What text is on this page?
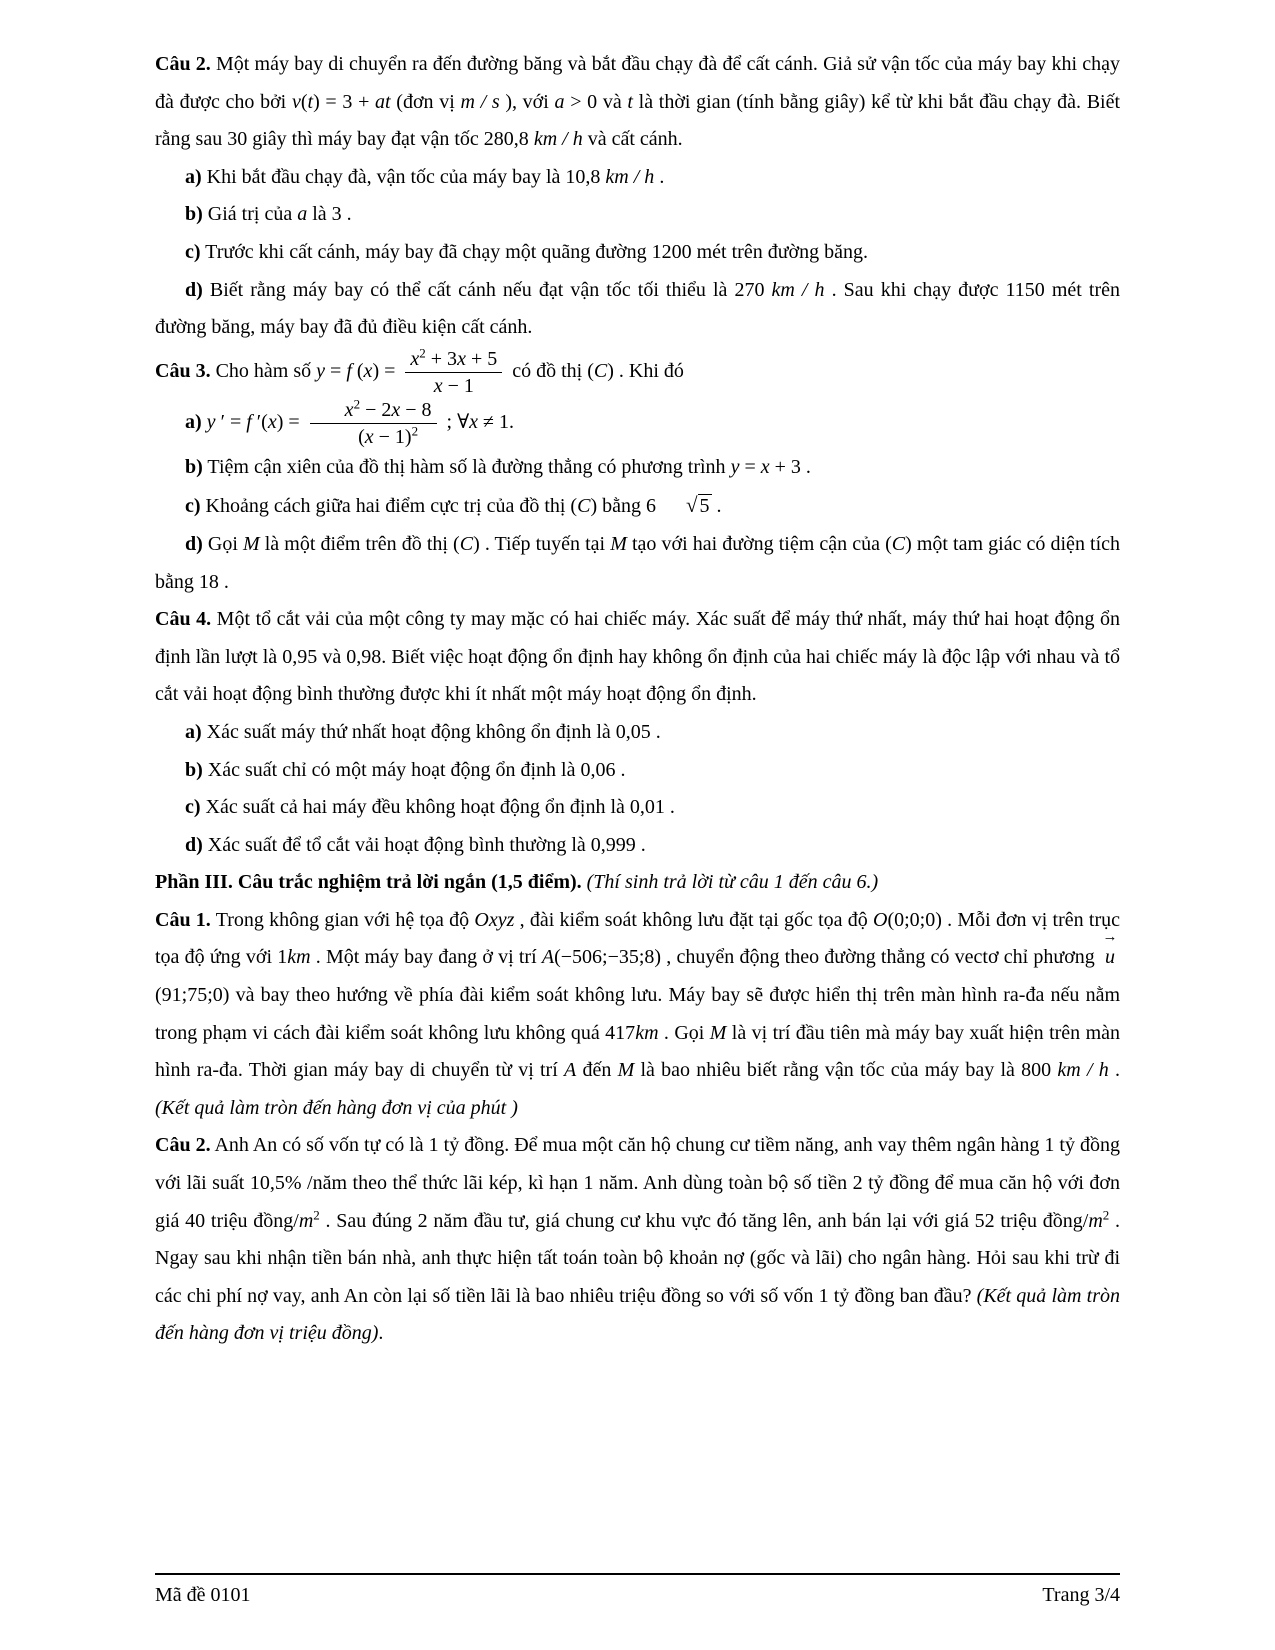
Câu 2. Một máy bay di chuyển ra đến đường băng và bắt đầu chạy đà để cất cánh. Giả sử vận tốc của máy bay khi chạy đà được cho bởi v(t) = 3 + at (đơn vị m / s ), với a > 0 và t là thời gian (tính bằng giây) kể từ khi bắt đầu chạy đà. Biết rằng sau 30 giây thì máy bay đạt vận tốc 280,8 km / h và cất cánh.

a) Khi bắt đầu chạy đà, vận tốc của máy bay là 10,8 km / h .

b) Giá trị của a là 3 .

c) Trước khi cất cánh, máy bay đã chạy một quãng đường 1200 mét trên đường băng.

d) Biết rằng máy bay có thể cất cánh nếu đạt vận tốc tối thiểu là 270 km / h . Sau khi chạy được 1150 mét trên đường băng, máy bay đã đủ điều kiện cất cánh.

Câu 3. Cho hàm số y = f $(x) = \frac{x^2 + 3x + 5}{x - 1}$ có đồ thị (C) . Khi đó

a) y ′ = f $'(x) = \frac{x^2 - 2x - 8}{(x - 1)^2}$ ; ∀x ≠ 1.

b) Tiệm cận xiên của đồ thị hàm số là đường thẳng có phương trình y = x + 3 .

c) Khoảng cách giữa hai điểm cực trị của đồ thị (C) bằng 6 √ 5 .

d) Gọi M là một điểm trên đồ thị (C) . Tiếp tuyến tại M tạo với hai đường tiệm cận của (C) một tam giác có diện tích bằng 18 .

Câu 4. Một tổ cắt vải của một công ty may mặc có hai chiếc máy. Xác suất để máy thứ nhất, máy thứ hai hoạt động ổn định lần lượt là 0,95 và 0,98. Biết việc hoạt động ổn định hay không ổn định của hai chiếc máy là độc lập với nhau và tổ cắt vải hoạt động bình thường được khi ít nhất một máy hoạt động ổn định.

a) Xác suất máy thứ nhất hoạt động không ổn định là 0,05 .

b) Xác suất chỉ có một máy hoạt động ổn định là 0,06 .

c) Xác suất cả hai máy đều không hoạt động ổn định là 0,01 .

d) Xác suất để tổ cắt vải hoạt động bình thường là 0,999 .

Phần III. Câu trắc nghiệm trả lời ngắn (1,5 điểm). (Thí sinh trả lời từ câu 1 đến câu 6.)

Câu 1. Trong không gian với hệ tọa độ Oxyz , đài kiểm soát không lưu đặt tại gốc tọa độ O(0;0;0) . Mỗi đơn vị trên trục tọa độ ứng với 1km . Một máy bay đang ở vị trí A(−506;−35;8) , chuyển động theo đường thẳng có vectơ chỉ phương
→
u (91;75;0) và bay theo hướng về phía đài kiểm soát không lưu. Máy bay sẽ được hiển thị trên màn hình ra-đa nếu nằm trong phạm vi cách đài kiểm soát không lưu không quá 417km . Gọi M là vị trí đầu tiên mà máy bay xuất hiện trên màn hình ra-đa. Thời gian máy bay di chuyển từ vị trí A đến M là bao nhiêu biết rằng vận tốc của máy bay là 800 km / h . (Kết quả làm tròn đến hàng đơn vị của phút )

Câu 2. Anh An có số vốn tự có là 1 tỷ đồng. Để mua một căn hộ chung cư tiềm năng, anh vay thêm ngân hàng 1 tỷ đồng với lãi suất 10,5% /năm theo thể thức lãi kép, kì hạn 1 năm. Anh dùng toàn bộ số tiền 2 tỷ đồng để mua căn hộ với đơn giá 40 triệu đồng/$m^2$ . Sau đúng 2 năm đầu tư, giá chung cư khu vực đó tăng lên, anh bán lại với giá 52 triệu đồng/$m^2$ . Ngay sau khi nhận tiền bán nhà, anh thực hiện tất toán toàn bộ khoản nợ (gốc và lãi) cho ngân hàng. Hỏi sau khi trừ đi các chi phí nợ vay, anh An còn lại số tiền lãi là bao nhiêu triệu đồng so với số vốn 1 tỷ đồng ban đầu? (Kết quả làm tròn đến hàng đơn vị triệu đồng).

Mã đề 0101	Trang 3/4
